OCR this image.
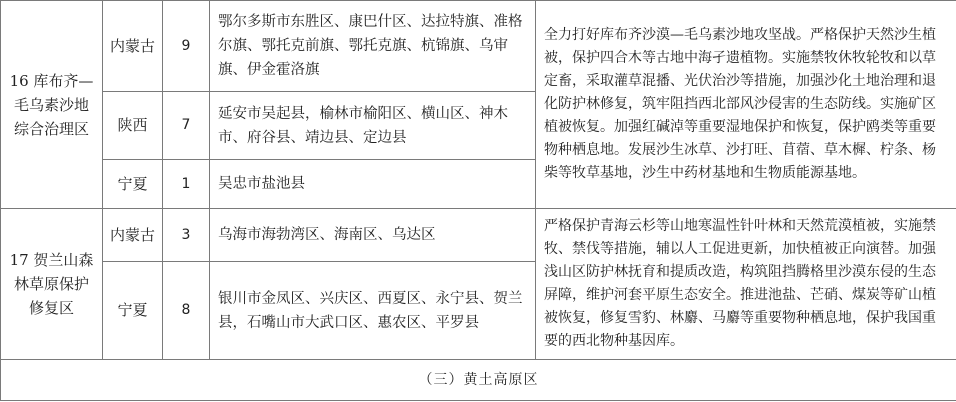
16 库布齐—毛乌素沙地综合治理区	内蒙古	9	鄂尔多斯市东胜区、康巴什区、达拉特旗、准格尔旗、鄂托克前旗、鄂托克旗、杭锦旗、乌审旗、伊金霍洛旗	全力打好库布齐沙漠—毛乌素沙地攻坚战。严格保护天然沙生植被，保护四合木等古地中海孑遗植物。实施禁牧休牧轮牧和以草定畜，采取灌草混播、光伏治沙等措施，加强沙化土地治理和退化防护林修复，筑牢阻挡西北部风沙侵害的生态防线。实施矿区植被恢复。加强红碱淖等重要湿地保护和恢复，保护鸥类等重要物种栖息地。发展沙生冰草、沙打旺、苜蓿、草木樨、柠条、杨柴等牧草基地，沙生中药材基地和生物质能源基地。
	陕西	7	延安市吴起县，榆林市榆阳区、横山区、神木市、府谷县、靖边县、定边县	
	宁夏	1	吴忠市盐池县	
17 贺兰山森林草原保护修复区	内蒙古	3	乌海市海勃湾区、海南区、乌达区	严格保护青海云杉等山地寒温性针叶林和天然荒漠植被，实施禁牧、禁伐等措施，辅以人工促进更新，加快植被正向演替。加强浅山区防护林抚育和提质改造，构筑阻挡腾格里沙漠东侵的生态屏障，维护河套平原生态安全。推进池盐、芒硝、煤炭等矿山植被恢复，修复雪豹、林麝、马麝等重要物种栖息地，保护我国重要的西北物种基因库。
	宁夏	8	银川市金凤区、兴庆区、西夏区、永宁县、贺兰县，石嘴山市大武口区、惠农区、平罗县	
（三）黄土高原区				
